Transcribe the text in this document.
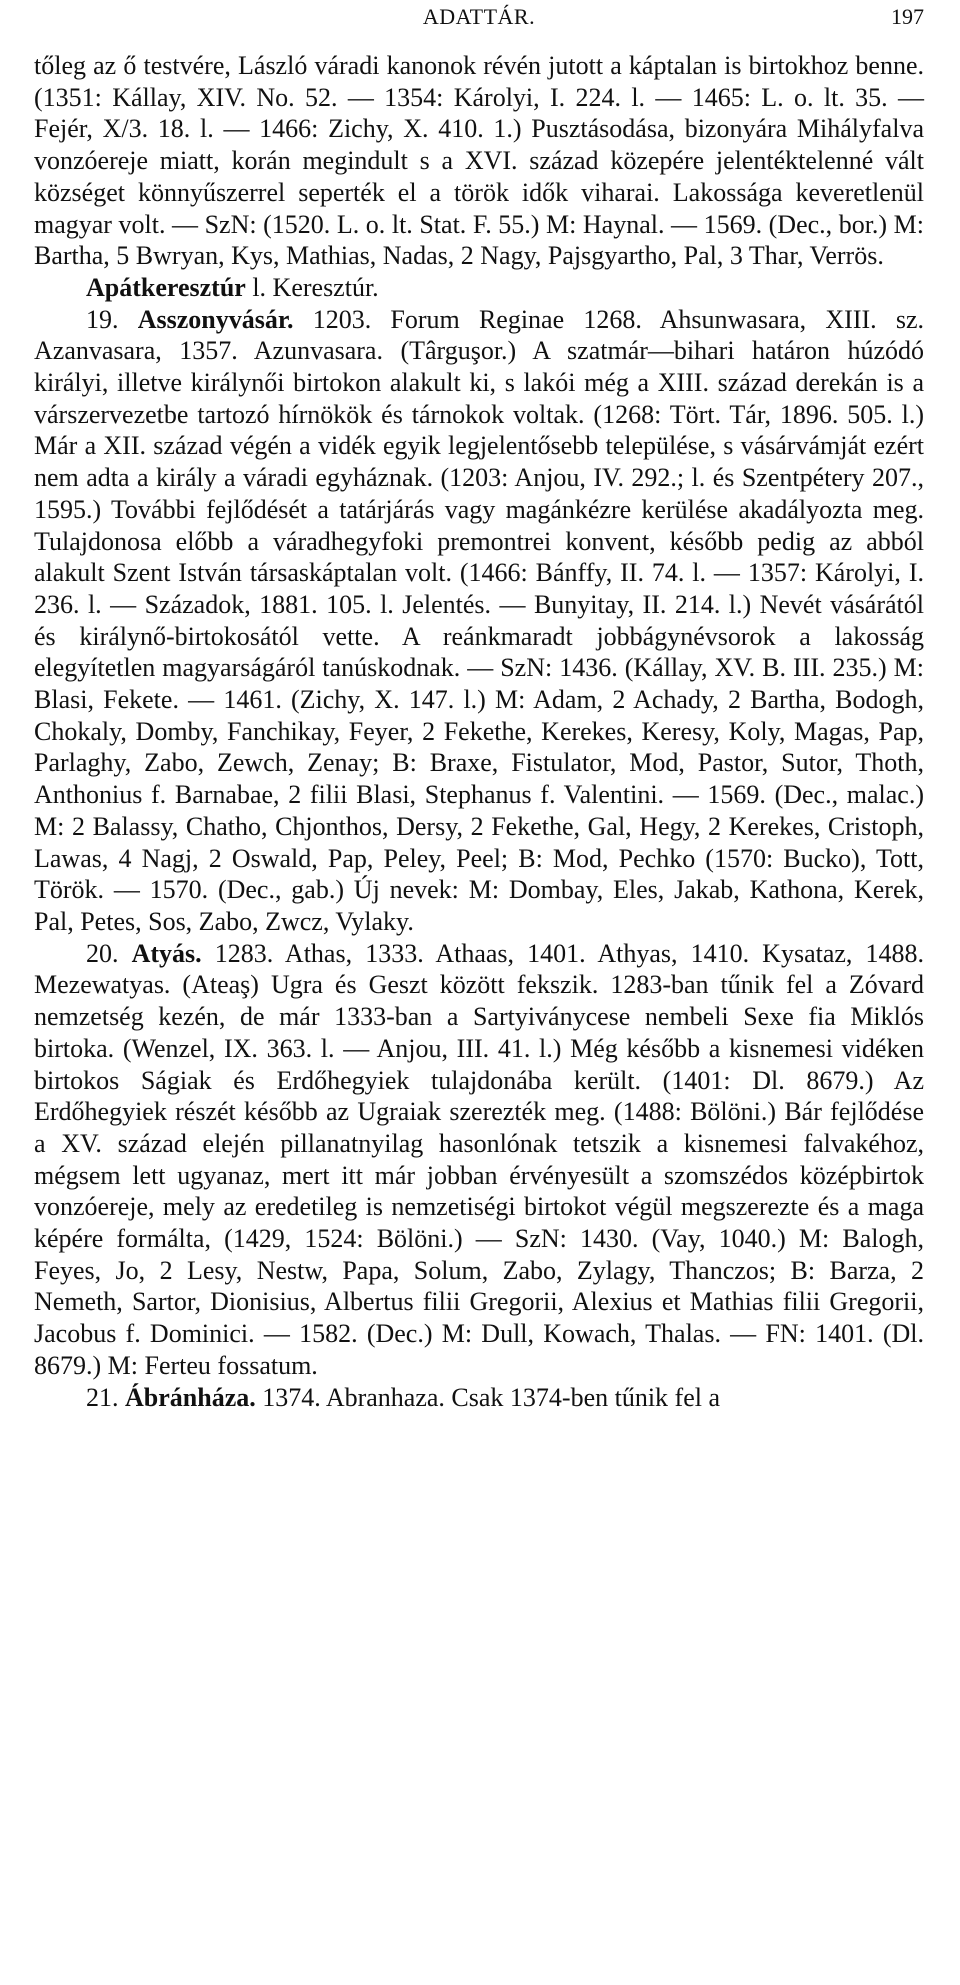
ADATTÁR.	197

tőleg az ő testvére, László váradi kanonok révén jutott a káptalan is birtokhoz benne. (1351: Kállay, XIV. No. 52. — 1354: Károlyi, I. 224. l. — 1465: L. o. lt. 35. — Fejér, X/3. 18. l. — 1466: Zichy, X. 410. 1.) Pusztásodása, bizonyára Mihályfalva vonzóereje miatt, korán megindult s a XVI. század közepére jelentéktelenné vált községet könnyűszerrel seperték el a török idők viharai. Lakossága keveretlenül magyar volt. — SzN: (1520. L. o. lt. Stat. F. 55.) M: Haynal. — 1569. (Dec., bor.) M: Bartha, 5 Bwryan, Kys, Mathias, Nadas, 2 Nagy, Pajsgyartho, Pal, 3 Thar, Verrös.

Apátkeresztúr l. Keresztúr.

19. Asszonyvásár. 1203. Forum Reginae 1268. Ahsunwasara, XIII. sz. Azanvasara, 1357. Azunvasara. (Târguşor.) A szatmár—bihari határon húzódó királyi, illetve királynői birtokon alakult ki, s lakói még a XIII. század derekán is a várszervezetbe tartozó hírnökök és tárnokok voltak. (1268: Tört. Tár, 1896. 505. l.) Már a XII. század végén a vidék egyik legjelentősebb települése, s vásárvámját ezért nem adta a király a váradi egyháznak. (1203: Anjou, IV. 292.; l. és Szentpétery 207., 1595.) További fejlődését a tatárjárás vagy magánkézre kerülése akadályozta meg. Tulajdonosa előbb a váradhegyfoki premontrei konvent, később pedig az abból alakult Szent István társaskáptalan volt. (1466: Bánffy, II. 74. l. — 1357: Károlyi, I. 236. l. — Századok, 1881. 105. l. Jelentés. — Bunyitay, II. 214. l.) Nevét vásárától és királynő-birtokosától vette. A reánkmaradt jobbágynévsorok a lakosság elegyítetlen magyarságáról tanúskodnak. — SzN: 1436. (Kállay, XV. B. III. 235.) M: Blasi, Fekete. — 1461. (Zichy, X. 147. l.) M: Adam, 2 Achady, 2 Bartha, Bodogh, Chokaly, Domby, Fanchikay, Feyer, 2 Fekethe, Kerekes, Keresy, Koly, Magas, Pap, Parlaghy, Zabo, Zewch, Zenay; B: Braxe, Fistulator, Mod, Pastor, Sutor, Thoth, Anthonius f. Barnabae, 2 filii Blasi, Stephanus f. Valentini. — 1569. (Dec., malac.) M: 2 Balassy, Chatho, Chjonthos, Dersy, 2 Fekethe, Gal, Hegy, 2 Kerekes, Cristoph, Lawas, 4 Nagj, 2 Oswald, Pap, Peley, Peel; B: Mod, Pechko (1570: Bucko), Tott, Török. — 1570. (Dec., gab.) Új nevek: M: Dombay, Eles, Jakab, Kathona, Kerek, Pal, Petes, Sos, Zabo, Zwcz, Vylaky.

20. Atyás. 1283. Athas, 1333. Athaas, 1401. Athyas, 1410. Kysataz, 1488. Mezewatyas. (Ateaş) Ugra és Geszt között fekszik. 1283-ban tűnik fel a Zóvard nemzetség kezén, de már 1333-ban a Sartyiványcese nembeli Sexe fia Miklós birtoka. (Wenzel, IX. 363. l. — Anjou, III. 41. l.) Még később a kisnemesi vidéken birtokos Ságiak és Erdőhegyiek tulajdonába került. (1401: Dl. 8679.) Az Erdőhegyiek részét később az Ugraiak szerezték meg. (1488: Bölöni.) Bár fejlődése a XV. század elején pillanatnyilag hasonlónak tetszik a kisnemesi falvakéhoz, mégsem lett ugyanaz, mert itt már jobban érvényesült a szomszédos középbirtok vonzóereje, mely az eredetileg is nemzetiségi birtokot végül megszerezte és a maga képére formálta, (1429, 1524: Bölöni.) — SzN: 1430. (Vay, 1040.) M: Balogh, Feyes, Jo, 2 Lesy, Nestw, Papa, Solum, Zabo, Zylagy, Thanczos; B: Barza, 2 Nemeth, Sartor, Dionisius, Albertus filii Gregorii, Alexius et Mathias filii Gregorii, Jacobus f. Dominici. — 1582. (Dec.) M: Dull, Kowach, Thalas. — FN: 1401. (Dl. 8679.) M: Ferteu fossatum.

21. Ábránháza. 1374. Abranhaza. Csak 1374-ben tűnik fel a
